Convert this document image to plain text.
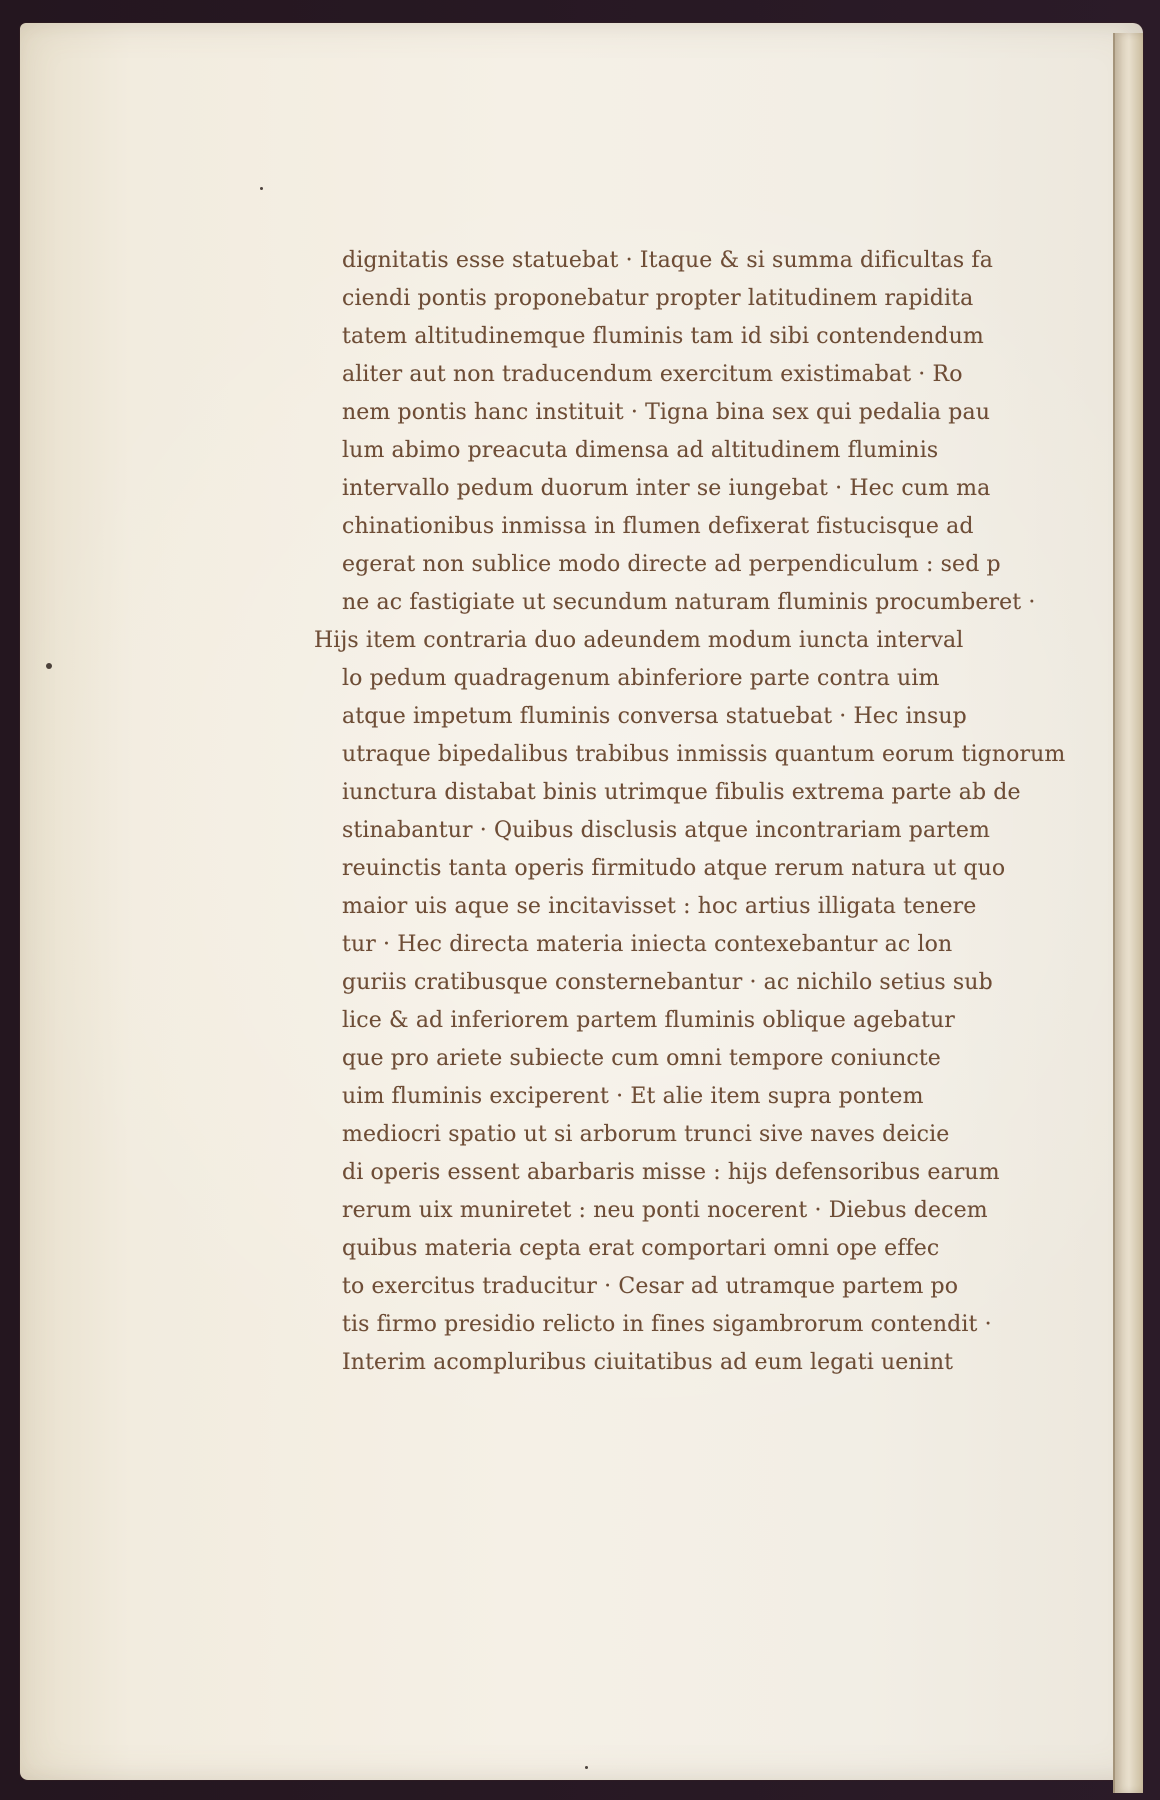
dignitatis esse statuebat · Itaque & si summa dificultas fa
ciendi pontis proponebatur propter latitudinem rapidita
tatem altitudinemque fluminis tam id sibi contendendum
aliter aut non traducendum exercitum existimabat · Ro
nem pontis hanc instituit · Tigna bina sex qui pedalia pau
lum abimo preacuta dimensa ad altitudinem fluminis
intervallo pedum duorum inter se iungebat · Hec cum ma
chinationibus inmissa in flumen defixerat fistucisque ad
egerat non sublice modo directe ad perpendiculum : sed p
ne ac fastigiate ut secundum naturam fluminis procumberet ·
Hijs item contraria duo adeundem modum iuncta interval
lo pedum quadragenum abinferiore parte contra uim
atque impetum fluminis conversa statuebat · Hec insup
utraque bipedalibus trabibus inmissis quantum eorum tignorum
iunctura distabat binis utrimque fibulis extrema parte ab de
stinabantur · Quibus disclusis atque incontrariam partem
reuinctis tanta operis firmitudo atque rerum natura ut quo
maior uis aque se incitavisset : hoc artius illigata tenere
tur · Hec directa materia iniecta contexebantur ac lon
guriis cratibusque consternebantur · ac nichilo setius sub
lice & ad inferiorem partem fluminis oblique agebatur
que pro ariete subiecte cum omni tempore coniuncte
uim fluminis exciperent · Et alie item supra pontem
mediocri spatio ut si arborum trunci sive naves deicie
di operis essent abarbaris misse : hijs defensoribus earum
rerum uix muniretet : neu ponti nocerent · Diebus decem
quibus materia cepta erat comportari omni ope effec
to exercitus traducitur · Cesar ad utramque partem po
tis firmo presidio relicto in fines sigambrorum contendit ·
Interim acompluribus ciuitatibus ad eum legati uenint
